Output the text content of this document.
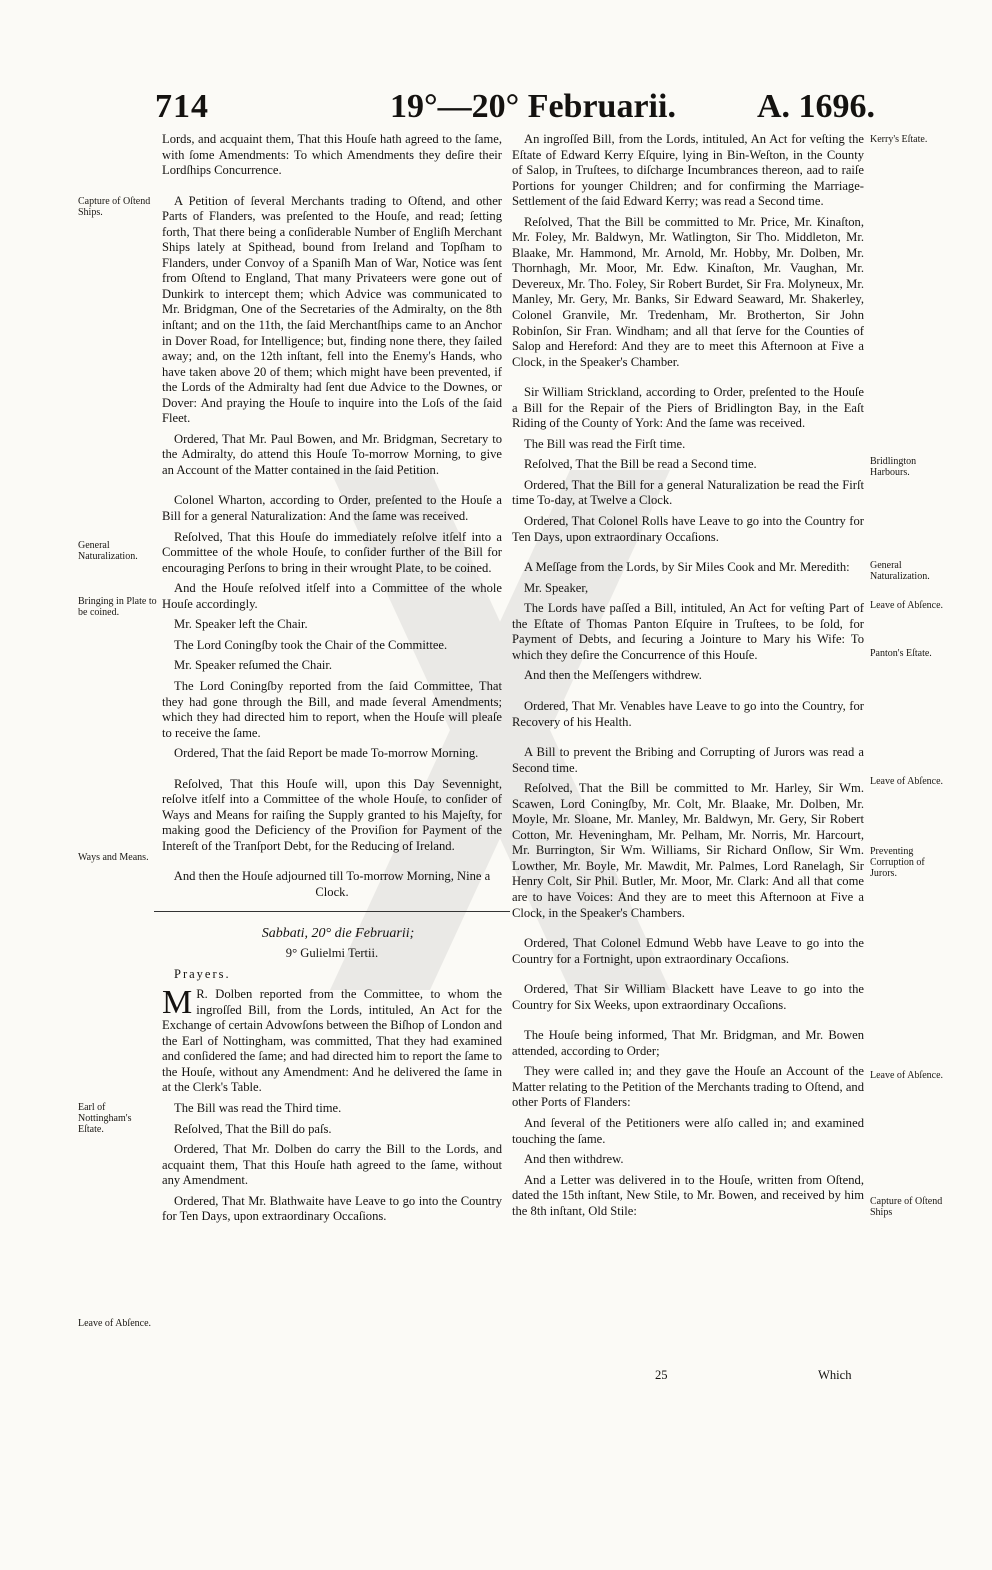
714	19°—20° Februarii. A. 1696.

Lords, and acquaint them, That this Houſe hath agreed to the ſame, with ſome Amendments: To which Amendments they deſire their Lordſhips Concurrence.

A Petition of ſeveral Merchants trading to Oſtend, and other Parts of Flanders, was preſented to the Houſe, and read; ſetting forth, That there being a conſiderable Number of Engliſh Merchant Ships lately at Spithead, bound from Ireland and Topſham to Flanders, under Convoy of a Spaniſh Man of War, Notice was ſent from Oſtend to England, That many Privateers were gone out of Dunkirk to intercept them; which Advice was communicated to Mr. Bridgman, One of the Secretaries of the Admiralty, on the 8th inſtant; and on the 11th, the ſaid Merchantſhips came to an Anchor in Dover Road, for Intelligence; but, finding none there, they ſailed away; and, on the 12th inſtant, fell into the Enemy's Hands, who have taken above 20 of them; which might have been prevented, if the Lords of the Admiralty had ſent due Advice to the Downes, or Dover: And praying the Houſe to inquire into the Loſs of the ſaid Fleet.

Ordered, That Mr. Paul Bowen, and Mr. Bridgman, Secretary to the Admiralty, do attend this Houſe To-morrow Morning, to give an Account of the Matter contained in the ſaid Petition.

Colonel Wharton, according to Order, preſented to the Houſe a Bill for a general Naturalization: And the ſame was received.

Reſolved, That this Houſe do immediately reſolve itſelf into a Committee of the whole Houſe, to conſider further of the Bill for encouraging Perſons to bring in their wrought Plate, to be coined.

And the Houſe reſolved itſelf into a Committee of the whole Houſe accordingly.

Mr. Speaker left the Chair.

The Lord Coningſby took the Chair of the Committee.

Mr. Speaker reſumed the Chair.

The Lord Coningſby reported from the ſaid Committee, That they had gone through the Bill, and made ſeveral Amendments; which they had directed him to report, when the Houſe will pleaſe to receive the ſame.

Ordered, That the ſaid Report be made To-morrow Morning.

Reſolved, That this Houſe will, upon this Day Sevennight, reſolve itſelf into a Committee of the whole Houſe, to conſider of Ways and Means for raiſing the Supply granted to his Majeſty, for making good the Deficiency of the Proviſion for Payment of the Intereſt of the Tranſport Debt, for the Reducing of Ireland.

And then the Houſe adjourned till To-morrow Morning, Nine a Clock.

Sabbati, 20° die Februarii;

9° Gulielmi Tertii.

Prayers.

M R. Dolben reported from the Committee, to whom the ingroſſed Bill, from the Lords, intituled, An Act for the Exchange of certain Advowſons between the Biſhop of London and the Earl of Nottingham, was committed, That they had examined and conſidered the ſame; and had directed him to report the ſame to the Houſe, without any Amendment: And he delivered the ſame in at the Clerk's Table.

The Bill was read the Third time.

Reſolved, That the Bill do paſs.

Ordered, That Mr. Dolben do carry the Bill to the Lords, and acquaint them, That this Houſe hath agreed to the ſame, without any Amendment.

Ordered, That Mr. Blathwaite have Leave to go into the Country for Ten Days, upon extraordinary Occaſions.

An ingroſſed Bill, from the Lords, intituled, An Act for veſting the Eſtate of Edward Kerry Eſquire, lying in Bin-Weſton, in the County of Salop, in Truſtees, to diſcharge Incumbrances thereon, aad to raiſe Portions for younger Children; and for confirming the Marriage-Settlement of the ſaid Edward Kerry; was read a Second time.

Reſolved, That the Bill be committed to Mr. Price, Mr. Kinaſton, Mr. Foley, Mr. Baldwyn, Mr. Watlington, Sir Tho. Middleton, Mr. Blaake, Mr. Hammond, Mr. Arnold, Mr. Hobby, Mr. Dolben, Mr. Thornhagh, Mr. Moor, Mr. Edw. Kinaſton, Mr. Vaughan, Mr. Devereux, Mr. Tho. Foley, Sir Robert Burdet, Sir Fra. Molyneux, Mr. Manley, Mr. Gery, Mr. Banks, Sir Edward Seaward, Mr. Shakerley, Colonel Granvile, Mr. Tredenham, Mr. Brotherton, Sir John Robinſon, Sir Fran. Windham; and all that ſerve for the Counties of Salop and Hereford: And they are to meet this Afternoon at Five a Clock, in the Speaker's Chamber.

Sir William Strickland, according to Order, preſented to the Houſe a Bill for the Repair of the Piers of Bridlington Bay, in the Eaſt Riding of the County of York: And the ſame was received.

The Bill was read the Firſt time.

Reſolved, That the Bill be read a Second time.

Ordered, That the Bill for a general Naturalization be read the Firſt time To-day, at Twelve a Clock.

Ordered, That Colonel Rolls have Leave to go into the Country for Ten Days, upon extraordinary Occaſions.

A Meſſage from the Lords, by Sir Miles Cook and Mr. Meredith:

Mr. Speaker,

The Lords have paſſed a Bill, intituled, An Act for veſting Part of the Eſtate of Thomas Panton Eſquire in Truſtees, to be ſold, for Payment of Debts, and ſecuring a Jointure to Mary his Wife: To which they deſire the Concurrence of this Houſe.

And then the Meſſengers withdrew.

Ordered, That Mr. Venables have Leave to go into the Country, for Recovery of his Health.

A Bill to prevent the Bribing and Corrupting of Jurors was read a Second time.

Reſolved, That the Bill be committed to Mr. Harley, Sir Wm. Scawen, Lord Coningſby, Mr. Colt, Mr. Blaake, Mr. Dolben, Mr. Moyle, Mr. Sloane, Mr. Manley, Mr. Baldwyn, Mr. Gery, Sir Robert Cotton, Mr. Heveningham, Mr. Pelham, Mr. Norris, Mr. Harcourt, Mr. Burrington, Sir Wm. Williams, Sir Richard Onſlow, Sir Wm. Lowther, Mr. Boyle, Mr. Mawdit, Mr. Palmes, Lord Ranelagh, Sir Henry Colt, Sir Phil. Butler, Mr. Moor, Mr. Clark: And all that come are to have Voices: And they are to meet this Afternoon at Five a Clock, in the Speaker's Chambers.

Ordered, That Colonel Edmund Webb have Leave to go into the Country for a Fortnight, upon extraordinary Occaſions.

Ordered, That Sir William Blackett have Leave to go into the Country for Six Weeks, upon extraordinary Occaſions.

The Houſe being informed, That Mr. Bridgman, and Mr. Bowen attended, according to Order;

They were called in; and they gave the Houſe an Account of the Matter relating to the Petition of the Merchants trading to Oſtend, and other Ports of Flanders:

And ſeveral of the Petitioners were alſo called in; and examined touching the ſame.

And then withdrew.

And a Letter was delivered in to the Houſe, written from Oſtend, dated the 15th inſtant, New Stile, to Mr. Bowen, and received by him the 8th inſtant, Old Stile:

Capture of Oſtend Ships.
General Naturalization.
Bringing in Plate to be coined.
Ways and Means.
Earl of Nottingham's Eſtate.
Leave of Abſence.
Kerry's Eſtate.
Bridlington Harbours.
General Naturalization.
Leave of Abſence.
Panton's Eſtate.
Leave of Abſence.
Preventing Corruption of Jurors.
Leave of Abſence.
Capture of Oſtend Ships
25	Which
